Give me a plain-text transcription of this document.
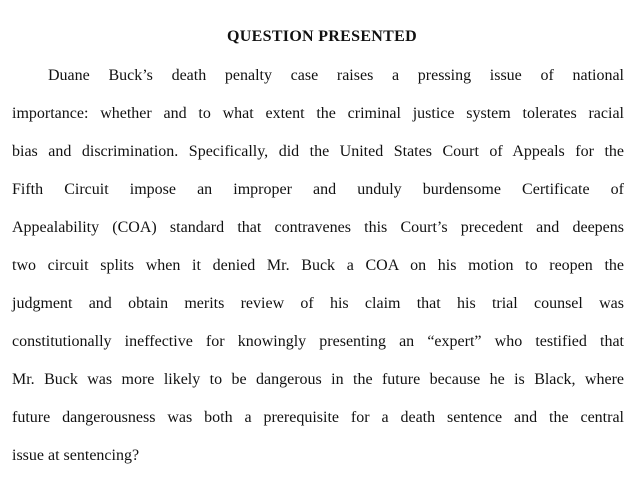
QUESTION PRESENTED
Duane Buck’s death penalty case raises a pressing issue of national
importance: whether and to what extent the criminal justice system tolerates racial
bias and discrimination. Specifically, did the United States Court of Appeals for the
Fifth Circuit impose an improper and unduly burdensome Certificate of
Appealability (COA) standard that contravenes this Court’s precedent and deepens
two circuit splits when it denied Mr. Buck a COA on his motion to reopen the
judgment and obtain merits review of his claim that his trial counsel was
constitutionally ineffective for knowingly presenting an “expert” who testified that
Mr. Buck was more likely to be dangerous in the future because he is Black, where
future dangerousness was both a prerequisite for a death sentence and the central
issue at sentencing?
